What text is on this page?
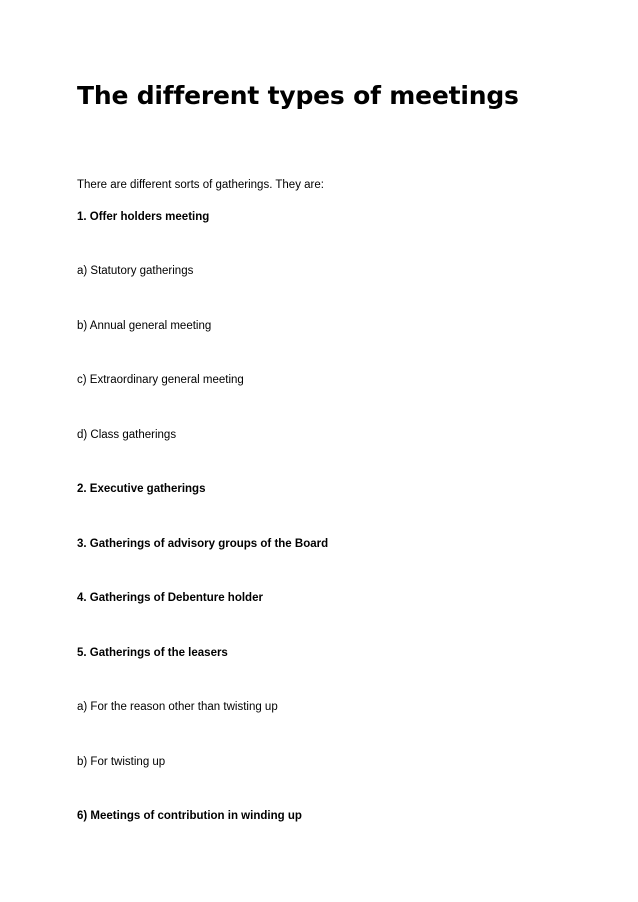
The different types of meetings

There are different sorts of gatherings. They are:

1. Offer holders meeting

a) Statutory gatherings

b) Annual general meeting

c) Extraordinary general meeting

d) Class gatherings

2. Executive gatherings

3. Gatherings of advisory groups of the Board

4. Gatherings of Debenture holder

5. Gatherings of the leasers

a) For the reason other than twisting up

b) For twisting up

6) Meetings of contribution in winding up
